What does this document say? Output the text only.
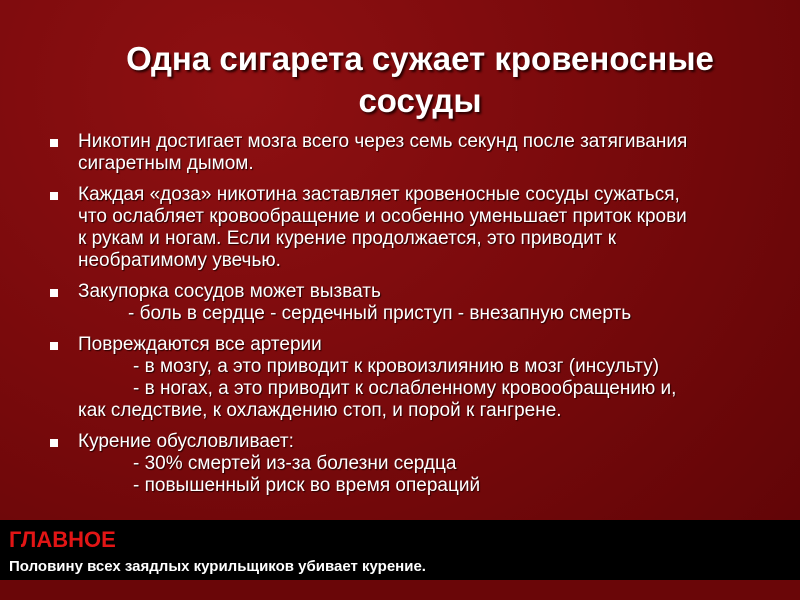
Одна сигарета сужает кровеносные
сосуды
Никотин достигает мозга всего через семь секунд после затягивания
сигаретным дымом.
Каждая «доза» никотина заставляет кровеносные сосуды сужаться,
что ослабляет кровообращение и особенно уменьшает приток крови
к рукам и ногам. Если курение продолжается, это приводит к
необратимому увечью.
Закупорка сосудов может вызвать
- боль в сердце - сердечный приступ - внезапную смерть
Повреждаются все артерии
- в мозгу, а это приводит к кровоизлиянию в мозг (инсульту)
- в ногах, а это приводит к ослабленному кровообращению и,
как следствие, к охлаждению стоп, и порой к гангрене.
Курение обусловливает:
- 30% смертей из-за болезни сердца
- повышенный риск во время операций
ГЛАВНОЕ
Половину всех заядлых курильщиков убивает курение.
